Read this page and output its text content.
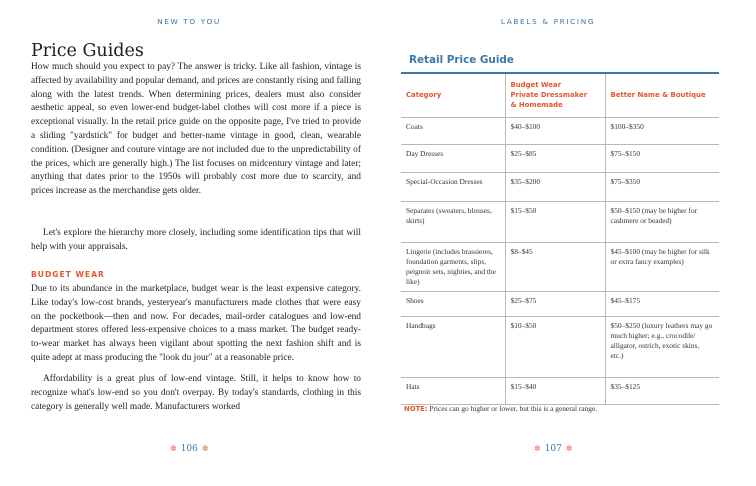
NEW TO YOU
Price Guides

How much should you expect to pay? The answer is tricky. Like all fashion, vintage is affected by availability and popular demand, and prices are constantly rising and falling along with the latest trends. When determining prices, dealers must also consider aesthetic appeal, so even lower-end budget-label clothes will cost more if a piece is exceptional visually. In the retail price guide on the opposite page, I've tried to provide a sliding "yardstick" for budget and better-name vintage in good, clean, wearable condition. (Designer and couture vintage are not included due to the unpredictability of the prices, which are generally high.) The list focuses on midcentury vintage and later; anything that dates prior to the 1950s will probably cost more due to scarcity, and prices increase as the merchandise gets older.

Let's explore the hierarchy more closely, including some identification tips that will help with your appraisals.

BUDGET WEAR

Due to its abundance in the marketplace, budget wear is the least expensive category. Like today's low-cost brands, yesteryear's manufacturers made clothes that were easy on the pocketbook—then and now. For decades, mail-order catalogues and low-end department stores offered less-expensive choices to a mass market. The budget ready-to-wear market has always been vigilant about spotting the next fashion shift and is quite adept at mass producing the "look du jour" at a reasonable price.

Affordability is a great plus of low-end vintage. Still, it helps to know how to recognize what's low-end so you don't overpay. By today's standards, clothing in this category is generally well made. Manufacturers worked

✲ 106 ✲
LABELS & PRICING
Retail Price Guide
Category	Budget Wear
Private Dressmaker
& Homemade	Better Name & Boutique
Coats	$40–$100	$100–$350
Day Dresses	$25–$85	$75–$150
Special-Occasion Dresses	$35–$200	$75–$350
Separates (sweaters, blouses, skirts)	$15–$50	$50–$150 (may be higher for cashmere or beaded)
Lingerie (includes brassieres, foundation garments, slips, peignoir sets, nighties, and the like)	$8–$45	$45–$100 (may be higher for silk or extra fancy examples)
Shoes	$25–$75	$45–$175
Handbags	$10–$50	$50–$250 (luxury leathers may go much higher; e.g., crocodile/ alligator, ostrich, exotic skins, etc.)
Hats	$15–$40	$35–$125
NOTE: Prices can go higher or lower, but this is a general range.
✲ 107 ✲
